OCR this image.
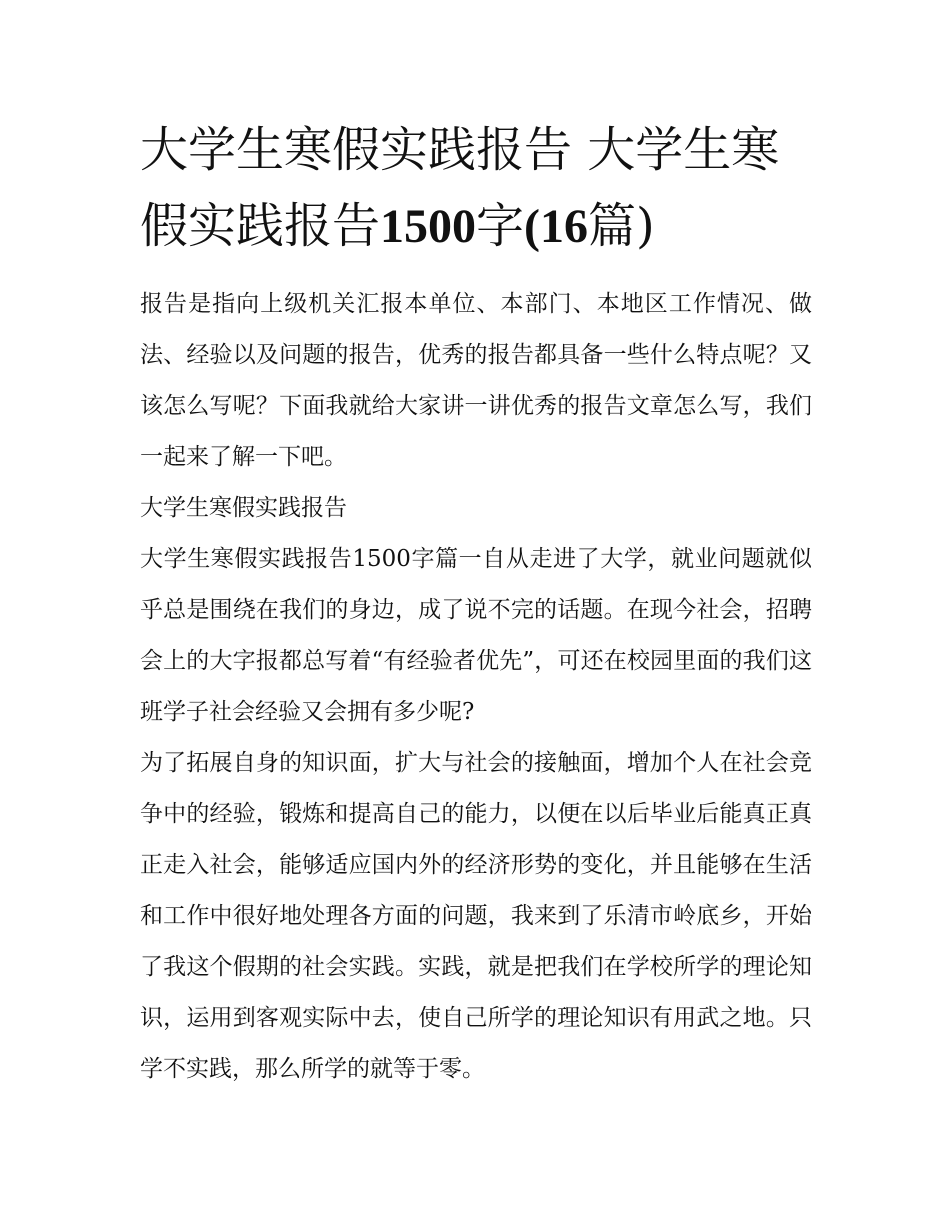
大学生寒假实践报告 大学生寒假实践报告1500字(16篇)

报告是指向上级机关汇报本单位、本部门、本地区工作情况、做法、经验以及问题的报告，优秀的报告都具备一些什么特点呢？又该怎么写呢？下面我就给大家讲一讲优秀的报告文章怎么写，我们一起来了解一下吧。

大学生寒假实践报告

大学生寒假实践报告1500字篇一自从走进了大学，就业问题就似乎总是围绕在我们的身边，成了说不完的话题。在现今社会，招聘会上的大字报都总写着“有经验者优先”，可还在校园里面的我们这班学子社会经验又会拥有多少呢?

为了拓展自身的知识面，扩大与社会的接触面，增加个人在社会竞争中的经验，锻炼和提高自己的能力，以便在以后毕业后能真正真正走入社会，能够适应国内外的经济形势的变化，并且能够在生活和工作中很好地处理各方面的问题，我来到了乐清市岭底乡，开始了我这个假期的社会实践。实践，就是把我们在学校所学的理论知识，运用到客观实际中去，使自己所学的理论知识有用武之地。只学不实践，那么所学的就等于零。
